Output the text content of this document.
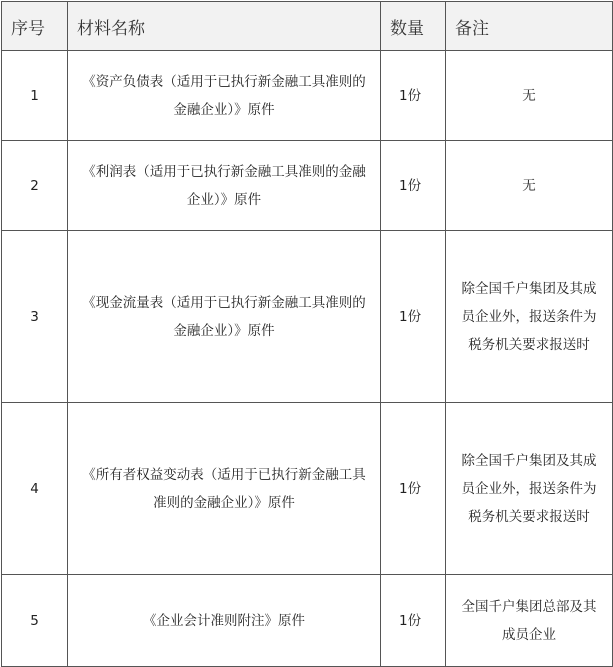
序号	材料名称	数量	备注
1	《资产负债表（适用于已执行新金融工具准则的金融企业）》原件	1份	无
2	《利润表（适用于已执行新金融工具准则的金融企业）》原件	1份	无
3	《现金流量表（适用于已执行新金融工具准则的金融企业）》原件	1份	除全国千户集团及其成员企业外，报送条件为税务机关要求报送时
4	《所有者权益变动表（适用于已执行新金融工具准则的金融企业）》原件	1份	除全国千户集团及其成员企业外，报送条件为税务机关要求报送时
5	《企业会计准则附注》原件	1份	全国千户集团总部及其成员企业
